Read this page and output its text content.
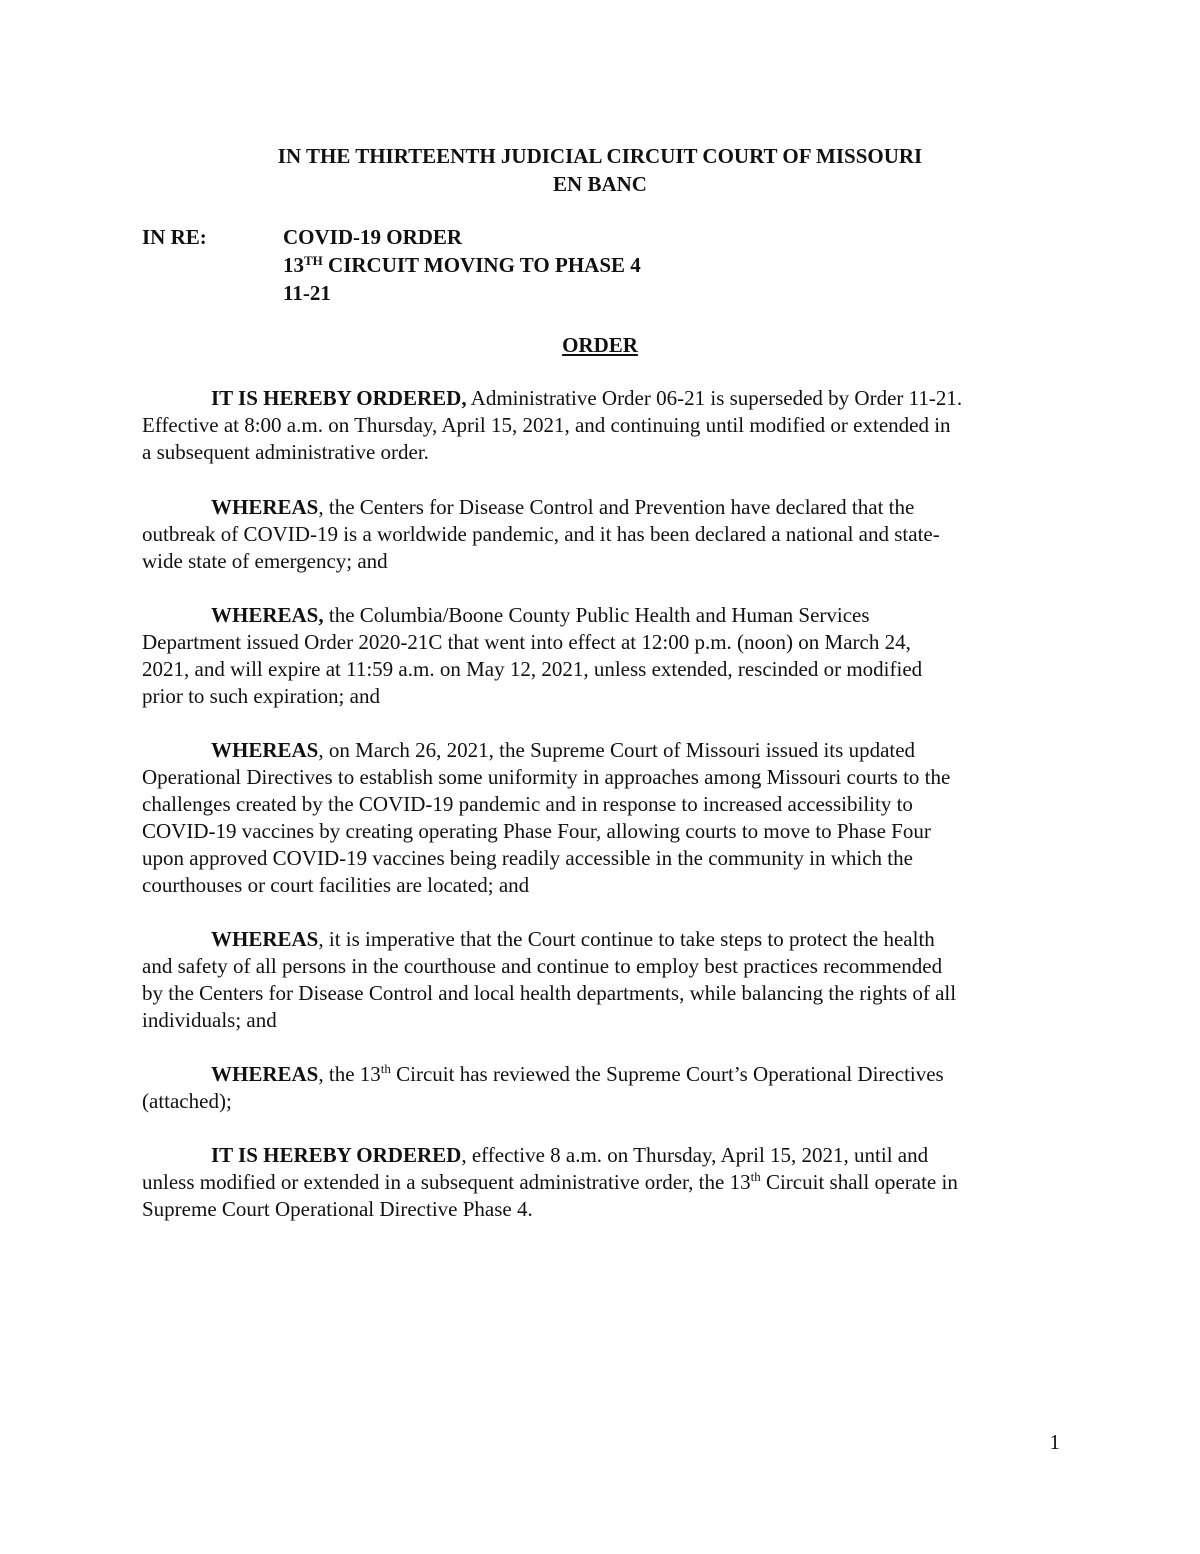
IN THE THIRTEENTH JUDICIAL CIRCUIT COURT OF MISSOURI
EN BANC
IN RE:	COVID-19 ORDER
13TH CIRCUIT MOVING TO PHASE 4
11-21
ORDER
IT IS HEREBY ORDERED, Administrative Order 06-21 is superseded by Order 11-21.
Effective at 8:00 a.m. on Thursday, April 15, 2021, and continuing until modified or extended in
a subsequent administrative order.
WHEREAS, the Centers for Disease Control and Prevention have declared that the
outbreak of COVID-19 is a worldwide pandemic, and it has been declared a national and state-
wide state of emergency; and
WHEREAS, the Columbia/Boone County Public Health and Human Services
Department issued Order 2020-21C that went into effect at 12:00 p.m. (noon) on March 24,
2021, and will expire at 11:59 a.m. on May 12, 2021, unless extended, rescinded or modified
prior to such expiration; and
WHEREAS, on March 26, 2021, the Supreme Court of Missouri issued its updated
Operational Directives to establish some uniformity in approaches among Missouri courts to the
challenges created by the COVID-19 pandemic and in response to increased accessibility to
COVID-19 vaccines by creating operating Phase Four, allowing courts to move to Phase Four
upon approved COVID-19 vaccines being readily accessible in the community in which the
courthouses or court facilities are located; and
WHEREAS, it is imperative that the Court continue to take steps to protect the health
and safety of all persons in the courthouse and continue to employ best practices recommended
by the Centers for Disease Control and local health departments, while balancing the rights of all
individuals; and
WHEREAS, the 13th Circuit has reviewed the Supreme Court’s Operational Directives
(attached);
IT IS HEREBY ORDERED, effective 8 a.m. on Thursday, April 15, 2021, until and
unless modified or extended in a subsequent administrative order, the 13th Circuit shall operate in
Supreme Court Operational Directive Phase 4.
1
